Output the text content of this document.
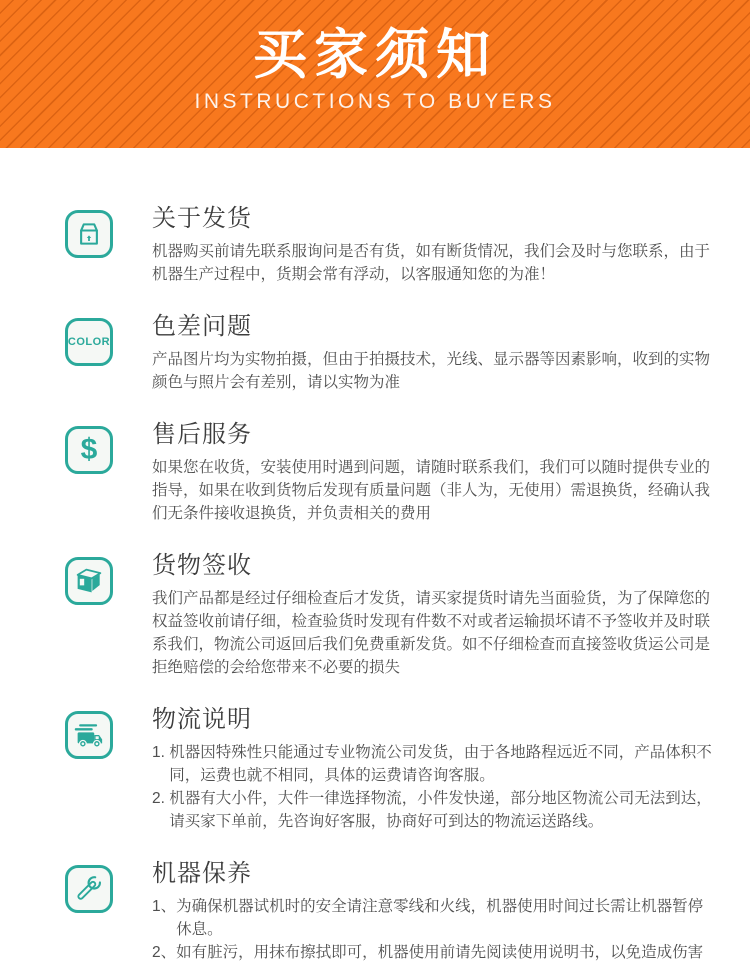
买家须知
INSTRUCTIONS TO BUYERS
关于发货

机器购买前请先联系服询问是否有货，如有断货情况，我们会及时与您联系，由于机器生产过程中，货期会常有浮动，以客服通知您的为准！

COLOR
色差问题

产品图片均为实物拍摄，但由于拍摄技术，光线、显示器等因素影响，收到的实物颜色与照片会有差别，请以实物为准

$ 售后服务

如果您在收货，安装使用时遇到问题，请随时联系我们，我们可以随时提供专业的指导，如果在收到货物后发现有质量问题（非人为，无使用）需退换货，经确认我们无条件接收退换货，并负责相关的费用

货物签收

我们产品都是经过仔细检查后才发货，请买家提货时请先当面验货，为了保障您的权益签收前请仔细，检查验货时发现有件数不对或者运输损坏请不予签收并及时联系我们，物流公司返回后我们免费重新发货。如不仔细检查而直接签收货运公司是拒绝赔偿的会给您带来不必要的损失

物流说明
1. 机器因特殊性只能通过专业物流公司发货，由于各地路程远近不同，产品体积不同，运费也就不相同，具体的运费请咨询客服。
2. 机器有大小件，大件一律选择物流，小件发快递，部分地区物流公司无法到达，请买家下单前，先咨询好客服，协商好可到达的物流运送路线。
机器保养
1、 为确保机器试机时的安全请注意零线和火线，机器使用时间过长需让机器暂停休息。
2、 如有脏污，用抹布擦拭即可，机器使用前请先阅读使用说明书，以免造成伤害
